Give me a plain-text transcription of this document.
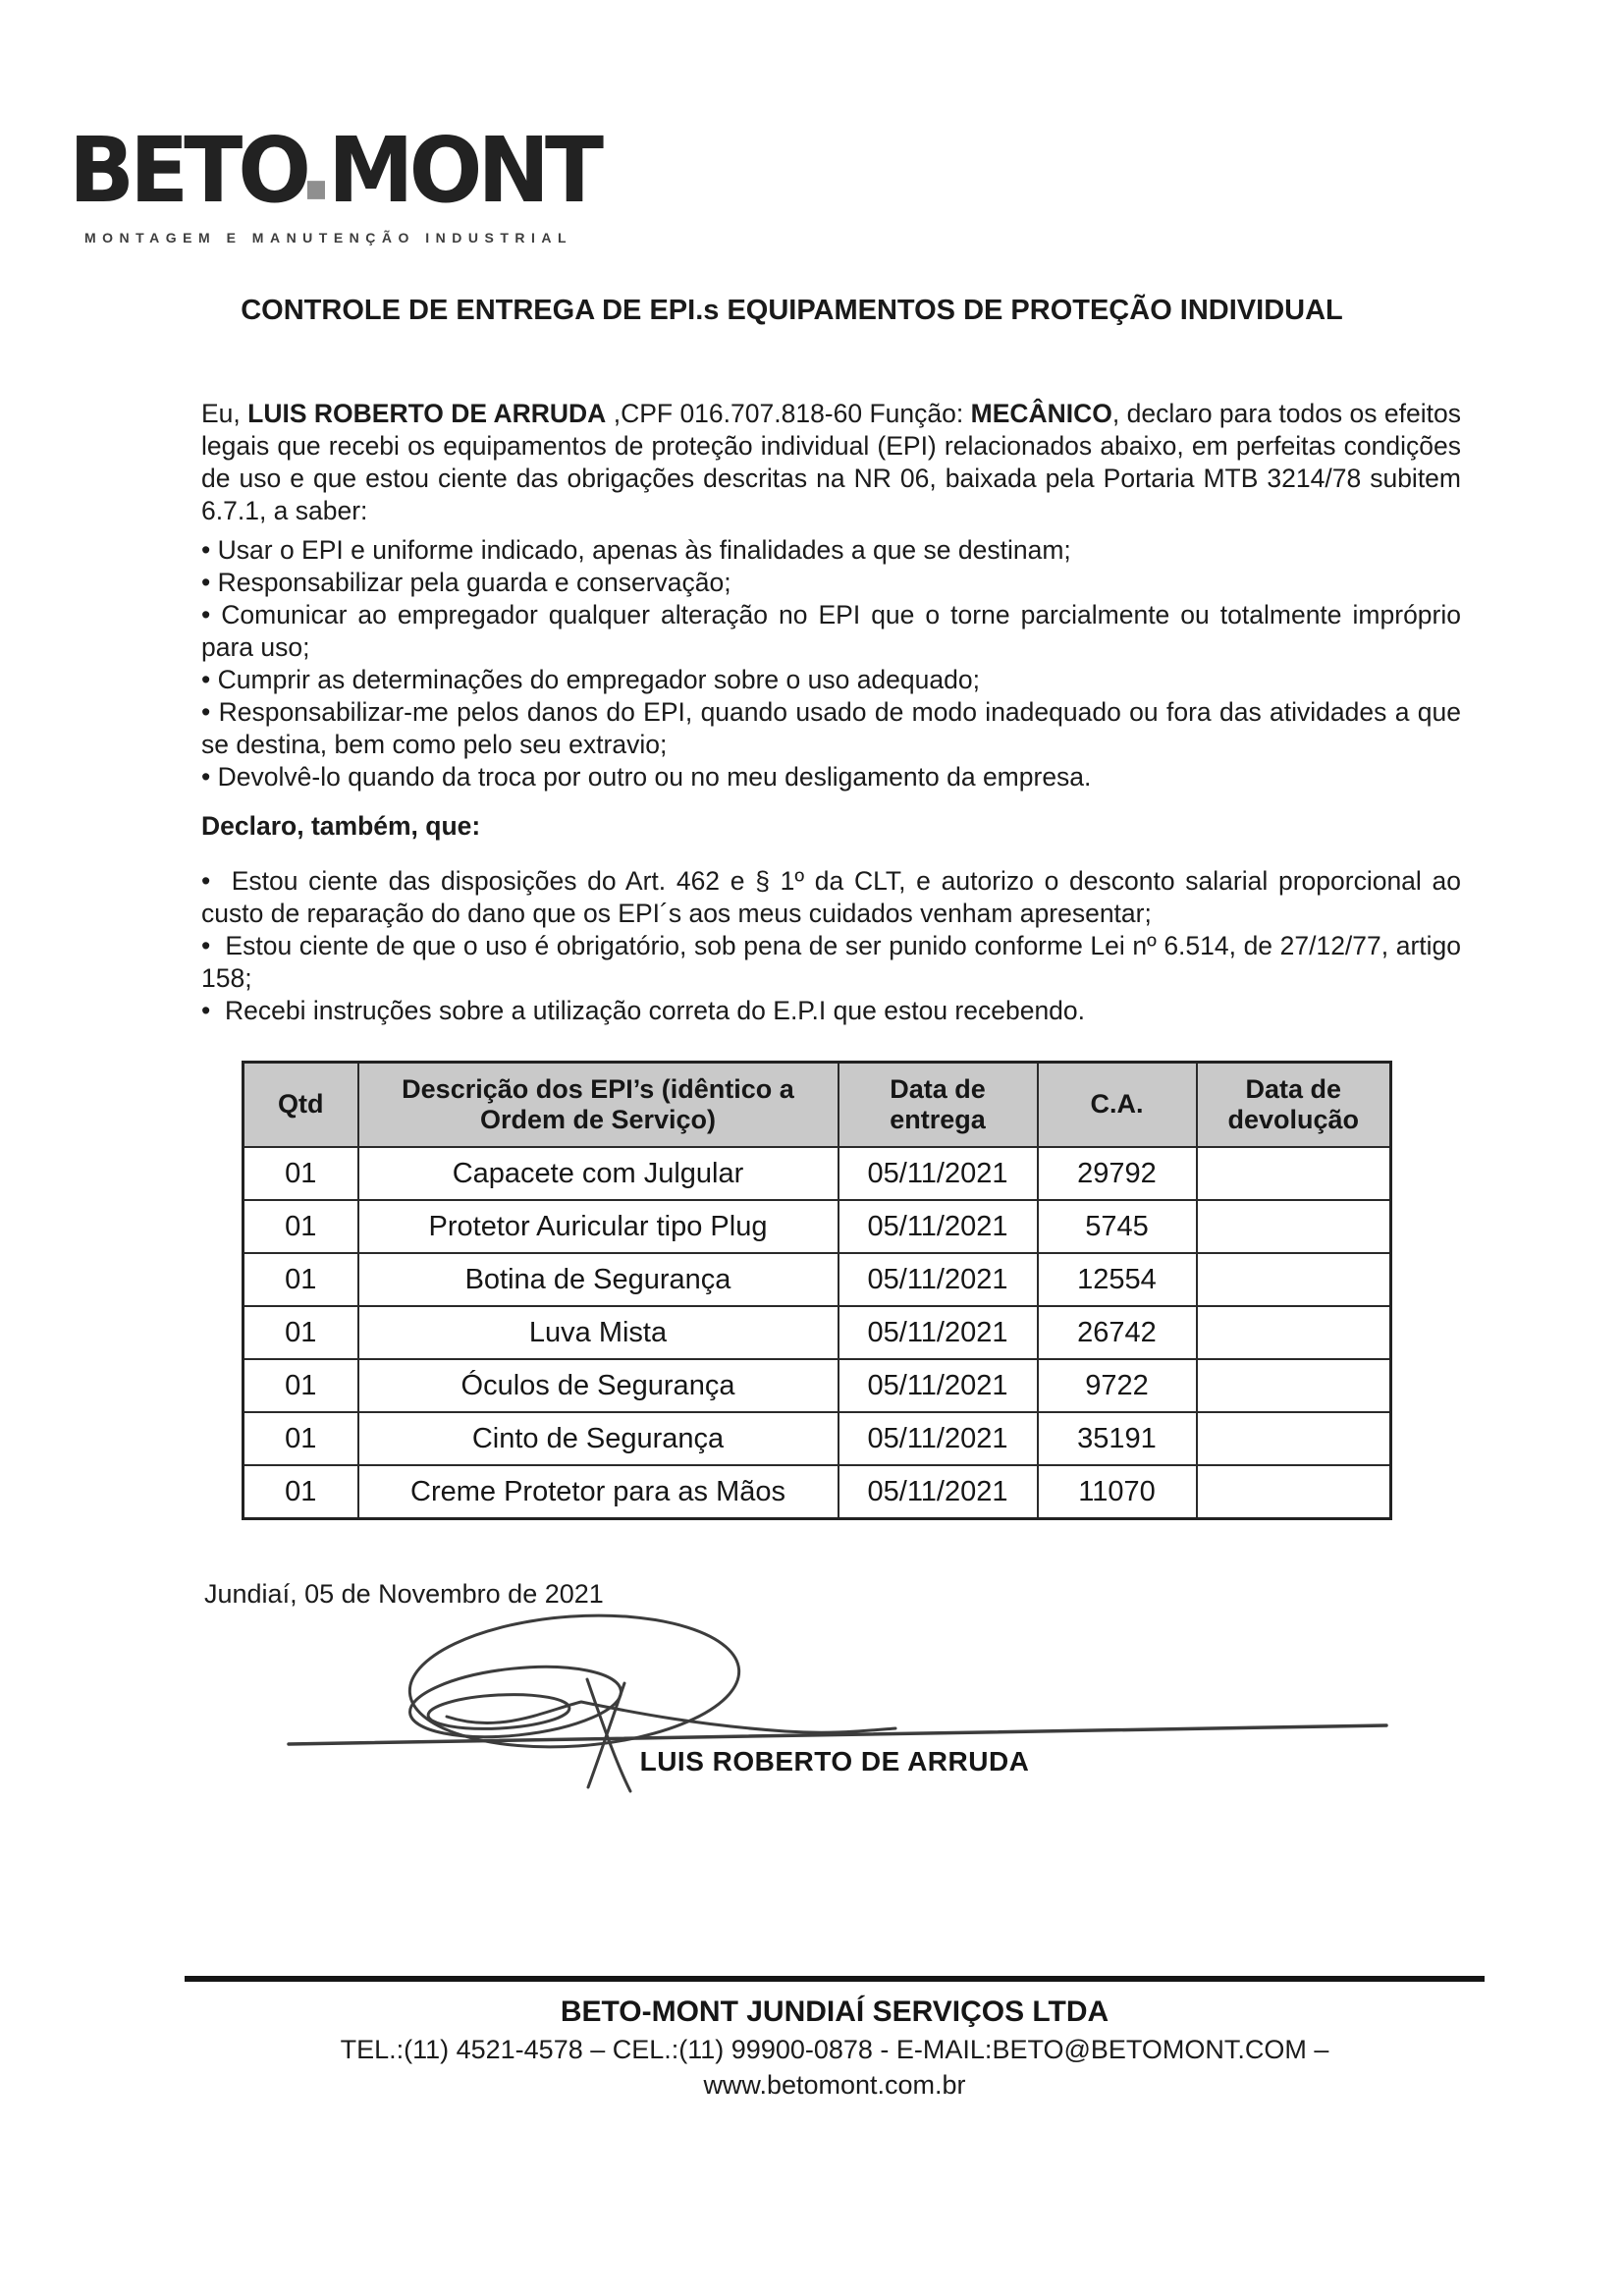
BETO MONT
MONTAGEM E MANUTENÇÃO INDUSTRIAL
CONTROLE DE ENTREGA DE EPI.s EQUIPAMENTOS DE PROTEÇÃO INDIVIDUAL
Eu, LUIS ROBERTO DE ARRUDA ,CPF 016.707.818-60 Função: MECÂNICO, declaro para todos os efeitos legais que recebi os equipamentos de proteção individual (EPI) relacionados abaixo, em perfeitas condições de uso e que estou ciente das obrigações descritas na NR 06, baixada pela Portaria MTB 3214/78 subitem 6.7.1, a saber:
• Usar o EPI e uniforme indicado, apenas às finalidades a que se destinam;
• Responsabilizar pela guarda e conservação;
• Comunicar ao empregador qualquer alteração no EPI que o torne parcialmente ou totalmente impróprio para uso;
• Cumprir as determinações do empregador sobre o uso adequado;
• Responsabilizar-me pelos danos do EPI, quando usado de modo inadequado ou fora das atividades a que se destina, bem como pelo seu extravio;
• Devolvê-lo quando da troca por outro ou no meu desligamento da empresa.
Declaro, também, que:
•  Estou ciente das disposições do Art. 462 e § 1º da CLT, e autorizo o desconto salarial proporcional ao custo de reparação do dano que os EPI´s aos meus cuidados venham apresentar;
•  Estou ciente de que o uso é obrigatório, sob pena de ser punido conforme Lei nº 6.514, de 27/12/77, artigo 158;
•  Recebi instruções sobre a utilização correta do E.P.I que estou recebendo.
Qtd	Descrição dos EPI’s (idêntico a Ordem de Serviço)	Data de entrega	C.A.	Data de devolução
01	Capacete com Julgular	05/11/2021	29792	
01	Protetor Auricular tipo Plug	05/11/2021	5745	
01	Botina de Segurança	05/11/2021	12554	
01	Luva Mista	05/11/2021	26742	
01	Óculos de Segurança	05/11/2021	9722	
01	Cinto de Segurança	05/11/2021	35191	
01	Creme Protetor para as Mãos	05/11/2021	11070	
Jundiaí, 05 de Novembro de 2021
LUIS ROBERTO DE ARRUDA
BETO-MONT JUNDIAÍ SERVIÇOS LTDA
TEL.:(11) 4521-4578 – CEL.:(11) 99900-0878 - E-MAIL:BETO@BETOMONT.COM –
www.betomont.com.br
